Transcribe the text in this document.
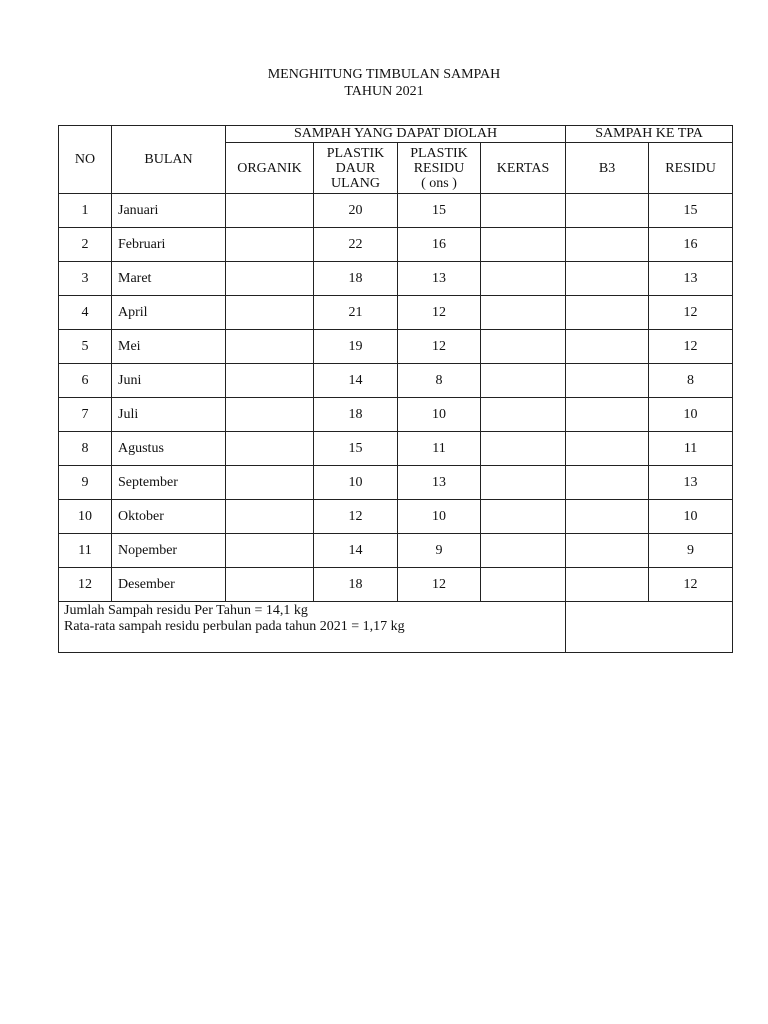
MENGHITUNG TIMBULAN SAMPAH
TAHUN 2021
NO	BULAN	SAMPAH YANG DAPAT DIOLAH				SAMPAH KE TPA	
		ORGANIK	PLASTIK
DAUR
ULANG	PLASTIK
RESIDU
( ons )	KERTAS	B3	RESIDU
1	Januari		20	15			15
2	Februari		22	16			16
3	Maret		18	13			13
4	April		21	12			12
5	Mei		19	12			12
6	Juni		14	8			8
7	Juli		18	10			10
8	Agustus		15	11			11
9	September		10	13			13
10	Oktober		12	10			10
11	Nopember		14	9			9
12	Desember		18	12			12

Jumlah Sampah residu Per Tahun = 14,1 kg
Rata-rata sampah residu perbulan pada tahun 2021 = 1,17 kg							
